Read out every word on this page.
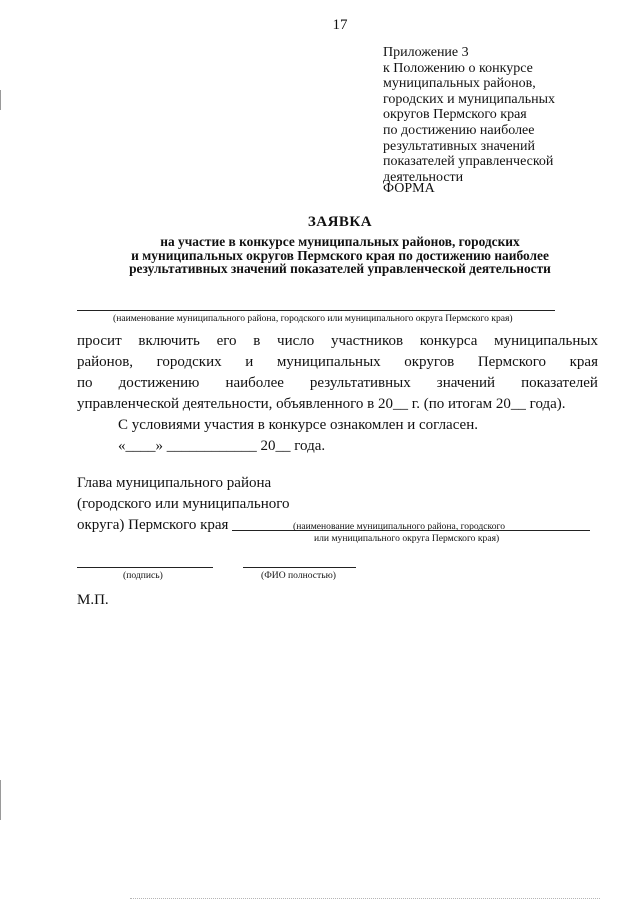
17
Приложение 3
к Положению о конкурсе
муниципальных районов,
городских и муниципальных
округов Пермского края
по достижению наиболее
результативных значений
показателей управленческой
деятельности
ФОРМА
ЗАЯВКА
на участие в конкурсе муниципальных районов, городских
и муниципальных округов Пермского края по достижению наиболее
результативных значений показателей управленческой деятельности
(наименование муниципального района, городского или муниципального округа Пермского края)
просит включить его в число участников конкурса муниципальных
районов, городских и муниципальных округов Пермского края
по достижению наиболее результативных значений показателей
управленческой деятельности, объявленного в 20__ г. (по итогам 20__ года).
С условиями участия в конкурсе ознакомлен и согласен.
«____» ____________ 20__ года.
Глава муниципального района
(городского или муниципального
округа) Пермского края	(наименование муниципального района, городского
или муниципального округа Пермского края)
(подпись)	(ФИО полностью)
М.П.
